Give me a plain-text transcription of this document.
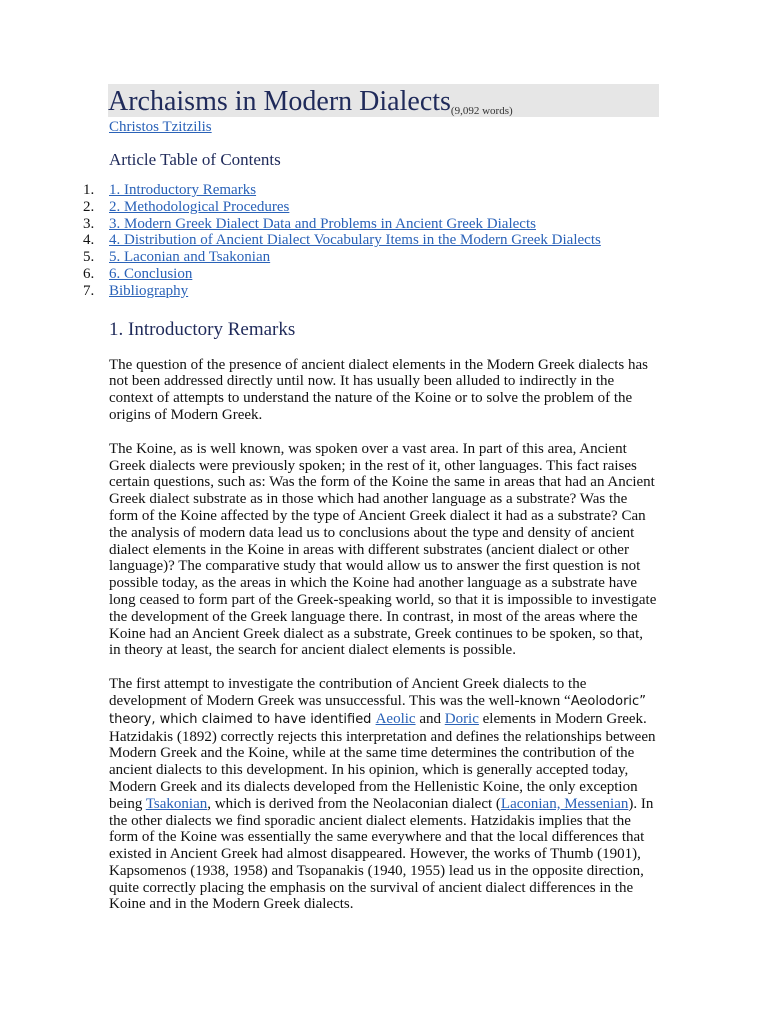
Archaisms in Modern Dialects (9,092 words)
Christos Tzitzilis
Article Table of Contents
1. 1. Introductory Remarks
2. 2. Methodological Procedures
3. 3. Modern Greek Dialect Data and Problems in Ancient Greek Dialects
4. 4. Distribution of Ancient Dialect Vocabulary Items in the Modern Greek Dialects
5. 5. Laconian and Tsakonian
6. 6. Conclusion
7. Bibliography
1. Introductory Remarks

The question of the presence of ancient dialect elements in the Modern Greek dialects has not been addressed directly until now. It has usually been alluded to indirectly in the context of attempts to understand the nature of the Koine or to solve the problem of the origins of Modern Greek.

The Koine, as is well known, was spoken over a vast area. In part of this area, Ancient Greek dialects were previously spoken; in the rest of it, other languages. This fact raises certain questions, such as: Was the form of the Koine the same in areas that had an Ancient Greek dialect substrate as in those which had another language as a substrate? Was the form of the Koine affected by the type of Ancient Greek dialect it had as a substrate? Can the analysis of modern data lead us to conclusions about the type and density of ancient dialect elements in the Koine in areas with different substrates (ancient dialect or other language)? The comparative study that would allow us to answer the first question is not possible today, as the areas in which the Koine had another language as a substrate have long ceased to form part of the Greek-speaking world, so that it is impossible to investigate the development of the Greek language there. In contrast, in most of the areas where the Koine had an Ancient Greek dialect as a substrate, Greek continues to be spoken, so that, in theory at least, the search for ancient dialect elements is possible.

The first attempt to investigate the contribution of Ancient Greek dialects to the development of Modern Greek was unsuccessful. This was the well-known “Aeolodoric” theory, which claimed to have identified Aeolic and Doric elements in Modern Greek. Hatzidakis (1892) correctly rejects this interpretation and defines the relationships between Modern Greek and the Koine, while at the same time determines the contribution of the ancient dialects to this development. In his opinion, which is generally accepted today, Modern Greek and its dialects developed from the Hellenistic Koine, the only exception being Tsakonian, which is derived from the Neolaconian dialect (Laconian, Messenian). In the other dialects we find sporadic ancient dialect elements. Hatzidakis implies that the form of the Koine was essentially the same everywhere and that the local differences that existed in Ancient Greek had almost disappeared. However, the works of Thumb (1901), Kapsomenos (1938, 1958) and Tsopanakis (1940, 1955) lead us in the opposite direction, quite correctly placing the emphasis on the survival of ancient dialect differences in the Koine and in the Modern Greek dialects.
